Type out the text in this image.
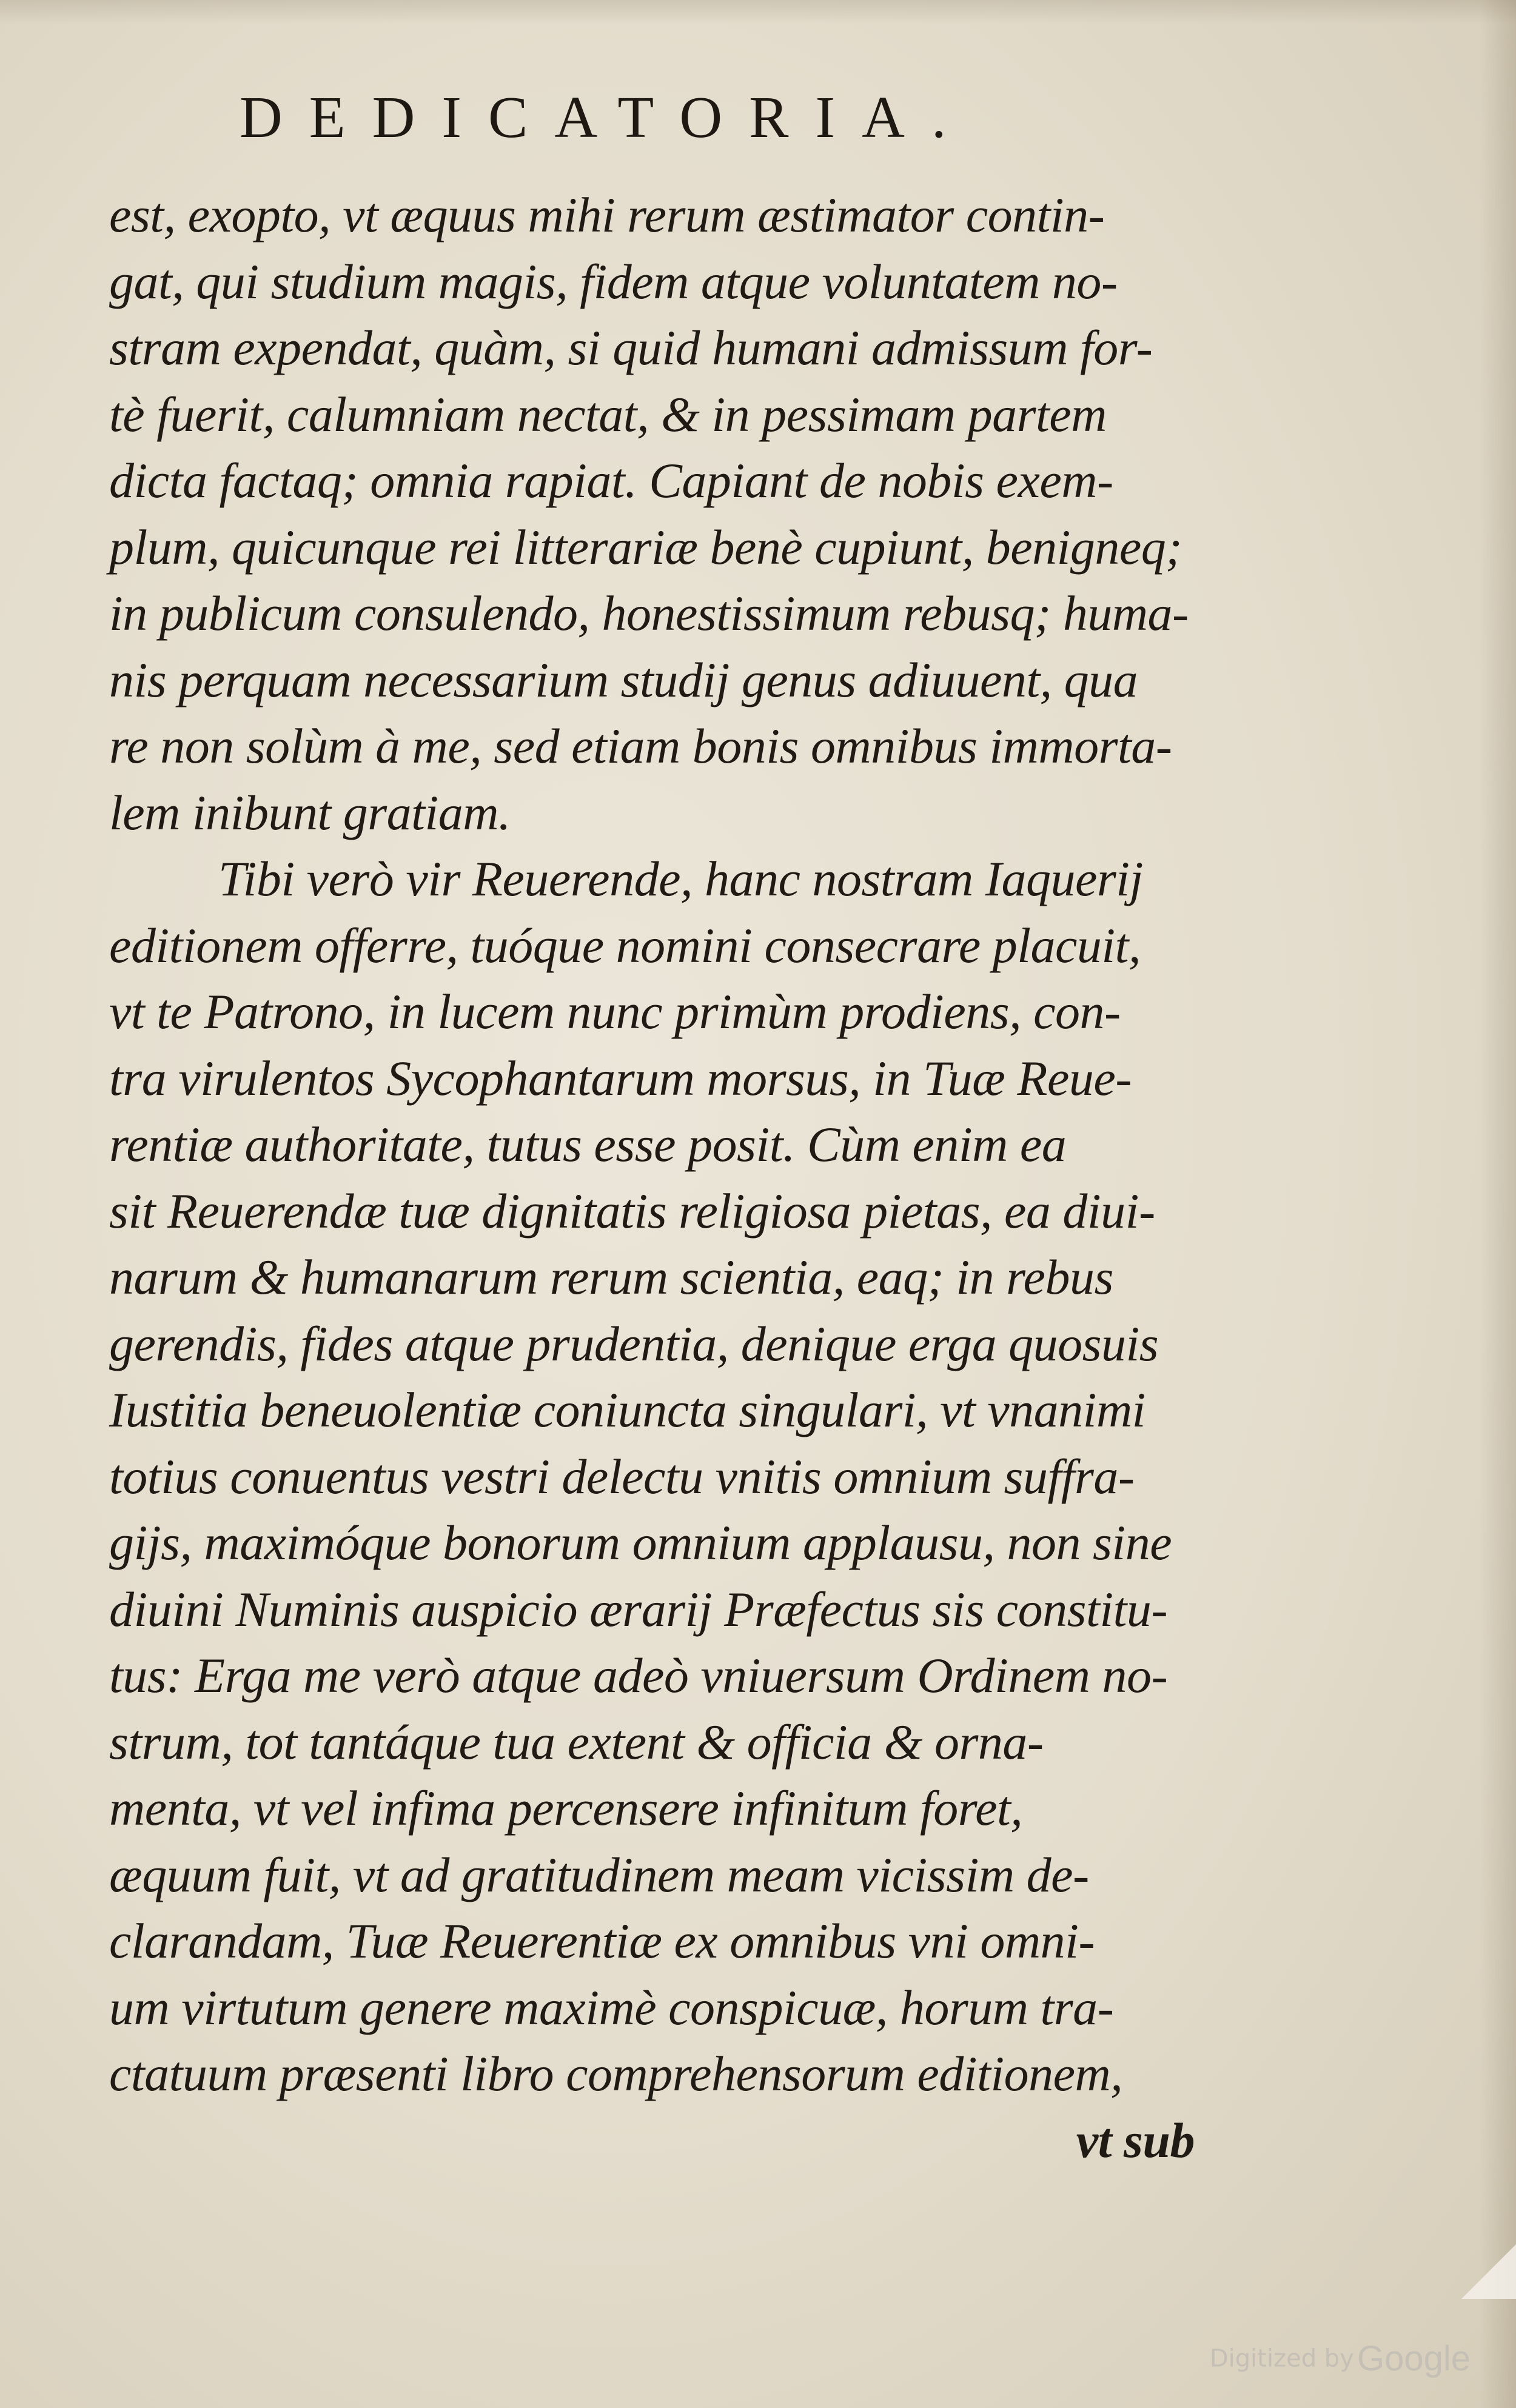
DEDICATORIA.
est, exopto, vt æquus mihi rerum æstimator contin-
gat, qui studium magis, fidem atque voluntatem no-
stram expendat, quàm, si quid humani admissum for-
tè fuerit, calumniam nectat, & in pessimam partem
dicta factaq; omnia rapiat. Capiant de nobis exem-
plum, quicunque rei litterariæ benè cupiunt, benigneq;
in publicum consulendo, honestissimum rebusq; huma-
nis perquam necessarium studij genus adiuuent, qua
re non solùm à me, sed etiam bonis omnibus immorta-
lem inibunt gratiam.
Tibi verò vir Reuerende, hanc nostram Iaquerij
editionem offerre, tuóque nomini consecrare placuit,
vt te Patrono, in lucem nunc primùm prodiens, con-
tra virulentos Sycophantarum morsus, in Tuæ Reue-
rentiæ authoritate, tutus esse posit. Cùm enim ea
sit Reuerendæ tuæ dignitatis religiosa pietas, ea diui-
narum & humanarum rerum scientia, eaq; in rebus
gerendis, fides atque prudentia, denique erga quosuis
Iustitia beneuolentiæ coniuncta singulari, vt vnanimi
totius conuentus vestri delectu vnitis omnium suffra-
gijs, maximóque bonorum omnium applausu, non sine
diuini Numinis auspicio ærarij Præfectus sis constitu-
tus: Erga me verò atque adeò vniuersum Ordinem no-
strum, tot tantáque tua extent & officia & orna-
menta, vt vel infima percensere infinitum foret,
æquum fuit, vt ad gratitudinem meam vicissim de-
clarandam, Tuæ Reuerentiæ ex omnibus vni omni-
um virtutum genere maximè conspicuæ, horum tra-
ctatuum præsenti libro comprehensorum editionem,
vt sub
Digitized by Google
